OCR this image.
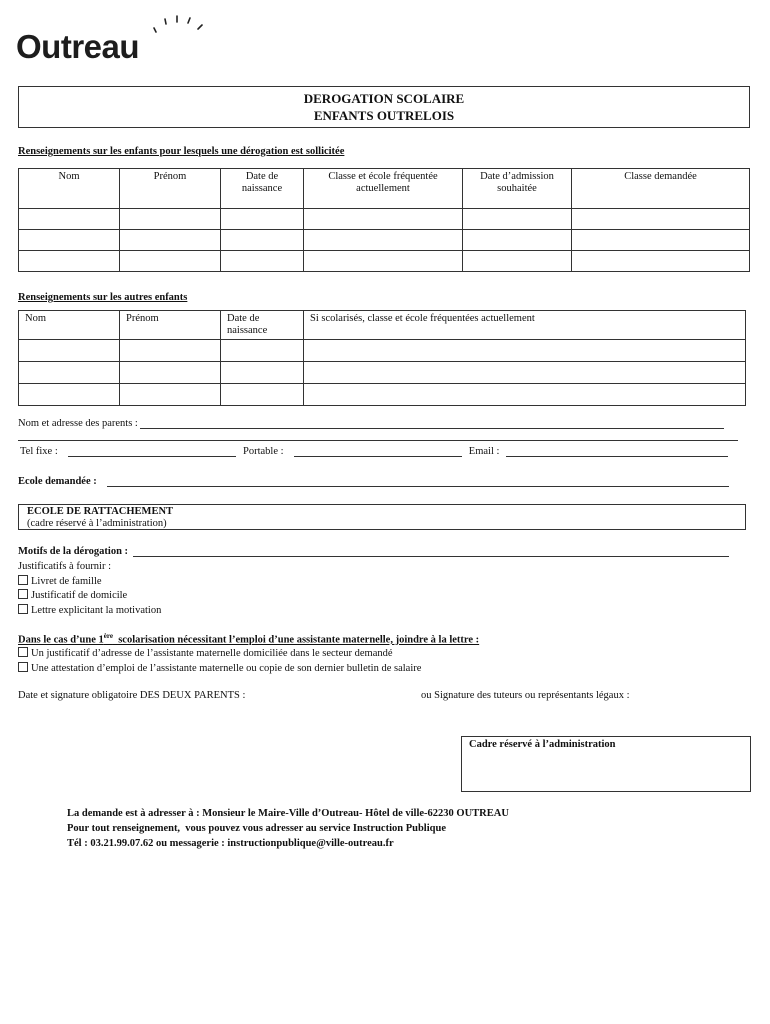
Outreau
DEROGATION SCOLAIRE
ENFANTS OUTRELOIS
Renseignements sur les enfants pour lesquels une dérogation est sollicitée
Nom	Prénom	Date de naissance	Classe et école fréquentée actuellement	Date d’admission souhaitée	Classe demandée

Renseignements sur les autres enfants
Nom	Prénom	Date de naissance	Si scolarisés, classe et école fréquentées actuellement

Nom et adresse des parents :
Tel fixe :	Portable :	Email :
Ecole demandée :
ECOLE DE RATTACHEMENT
(cadre réservé à l’administration)
Motifs de la dérogation :
Justificatifs à fournir :
Livret de famille
Justificatif de domicile
Lettre explicitant la motivation
Dans le cas d’une 1ère  scolarisation nécessitant l’emploi d’une assistante maternelle, joindre à la lettre :
Un justificatif d’adresse de l’assistante maternelle domiciliée dans le secteur demandé
Une attestation d’emploi de l’assistante maternelle ou copie de son dernier bulletin de salaire
Date et signature obligatoire DES DEUX PARENTS :	ou Signature des tuteurs ou représentants légaux :
Cadre réservé à l’administration
La demande est à adresser à : Monsieur le Maire-Ville d’Outreau- Hôtel de ville-62230 OUTREAU
Pour tout renseignement,  vous pouvez vous adresser au service Instruction Publique
Tél : 03.21.99.07.62 ou messagerie : instructionpublique@ville-outreau.fr
